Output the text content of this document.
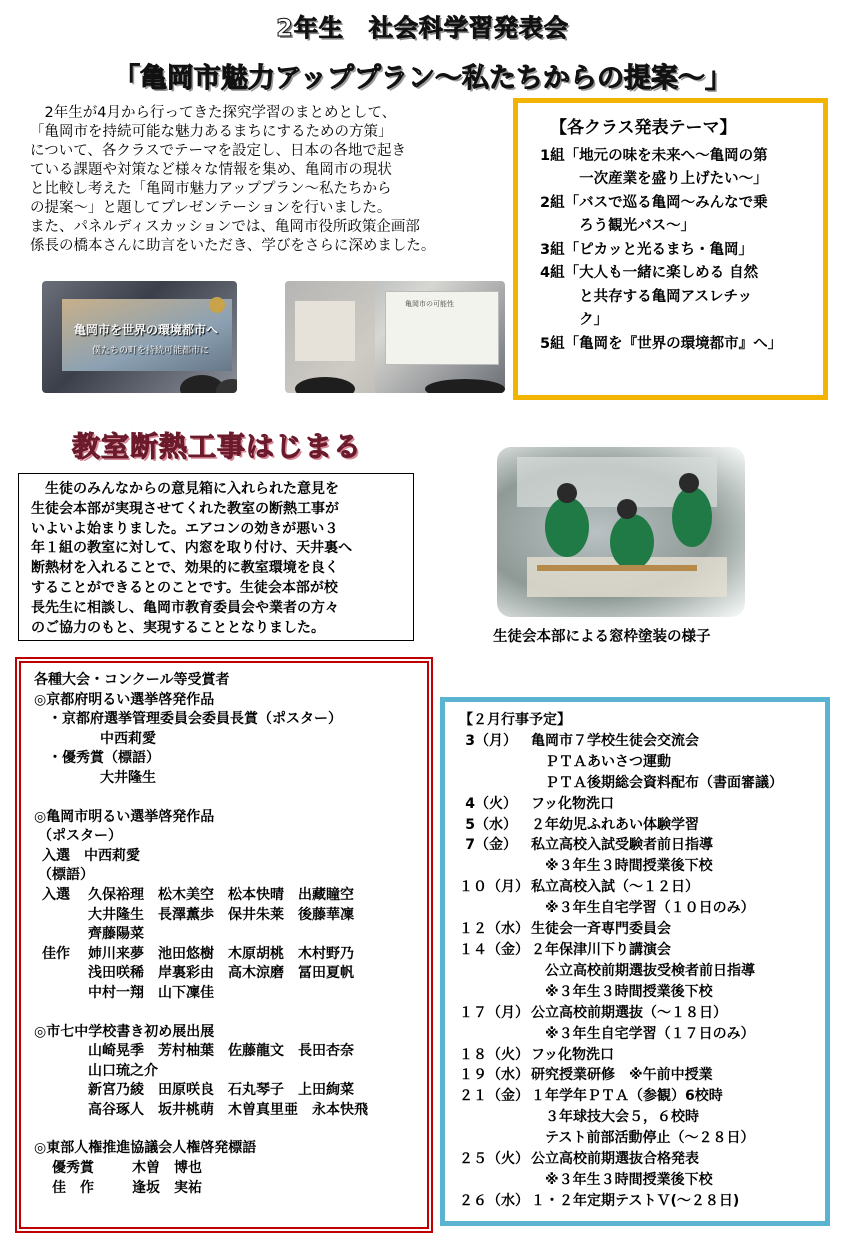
2年生　社会科学習発表会
「亀岡市魅力アッププラン～私たちからの提案～」

　2年生が4月から行ってきた探究学習のまとめとして、

「亀岡市を持続可能な魅力あるまちにするための方策」

について、各クラスでテーマを設定し、日本の各地で起き

ている課題や対策など様々な情報を集め、亀岡市の現状

と比較し考えた「亀岡市魅力アッププラン～私たちから

の提案～」と題してプレゼンテーションを行いました。

また、パネルディスカッションでは、亀岡市役所政策企画部

係長の橋本さんに助言をいただき、学びをさらに深めました。

【各クラス発表テーマ】
1組 「地元の味を未来へ～亀岡の第
　一次産業を盛り上げたい～」
2組 「バスで巡る亀岡～みんなで乗
　ろう観光バス～」
3組 「ピカッと光るまち・亀岡」
4組 「大人も一緒に楽しめる 自然
　と共存する亀岡アスレチッ
　ク」
5組 「亀岡を『世界の環境都市』へ」
亀岡市を世界の環境都市へ
僕たちの町を持続可能都市に
亀岡市の可能性
教室断熱工事はじまる
　生徒のみんなからの意見箱に入れられた意見を
生徒会本部が実現させてくれた教室の断熱工事が
いよいよ始まりました。エアコンの効きが悪い３
年１組の教室に対して、内窓を取り付け、天井裏へ
断熱材を入れることで、効果的に教室環境を良く
することができるとのことです。生徒会本部が校
長先生に相談し、亀岡市教育委員会や業者の方々
のご協力のもと、実現することとなりました。
生徒会本部による窓枠塗装の様子
各種大会・コンクール等受賞者
◎京都府明るい選挙啓発作品
・京都府選挙管理委員会委員長賞（ポスター）
中西莉愛
・優秀賞（標語）
大井隆生
◎亀岡市明るい選挙啓発作品
（ポスター）
入選　中西莉愛
（標語）
入選	久保裕理　松木美空　松本快晴　出藏瞳空
大井隆生　長澤薫歩　保井朱莱　後藤華凜
齊藤陽菜
佳作	姉川来夢　池田悠樹　木原胡桃　木村野乃
浅田咲稀　岸裏彩由　高木涼磨　冨田夏帆
中村一翔　山下凜佳
◎市七中学校書き初め展出展
山崎晃季　芳村柚葉　佐藤龍文　長田杏奈
山口琉之介
新宮乃綾　田原咲良　石丸琴子　上田絢菜
高谷琢人　坂井桃萌　木曽真里亜　永本快飛
◎東部人権推進協議会人権啓発標語
優秀賞	木曽　博也
佳　作	逢坂　実祐
【２月行事予定】
3（月）	亀岡市７学校生徒会交流会
ＰＴＡあいさつ運動
ＰＴＡ後期総会資料配布（書面審議）
4（火）	フッ化物洗口
5（水）	２年幼児ふれあい体験学習
7（金）	私立高校入試受験者前日指導
※３年生３時間授業後下校
１０（月） 私立高校入試（～１２日）
※３年生自宅学習（１０日のみ）
１２（水） 生徒会一斉専門委員会
１４（金） ２年保津川下り講演会
公立高校前期選抜受検者前日指導
※３年生３時間授業後下校
１７（月） 公立高校前期選抜（～１８日）
※３年生自宅学習（１７日のみ）
１８（火） フッ化物洗口
１９（水） 研究授業研修　※午前中授業
２１（金） １年学年ＰＴＡ（参観）6校時
３年球技大会５，６校時
テスト前部活動停止（～２８日）
２５（火） 公立高校前期選抜合格発表
※３年生３時間授業後下校
２６（水） １・２年定期テストＶ(～２８日)
